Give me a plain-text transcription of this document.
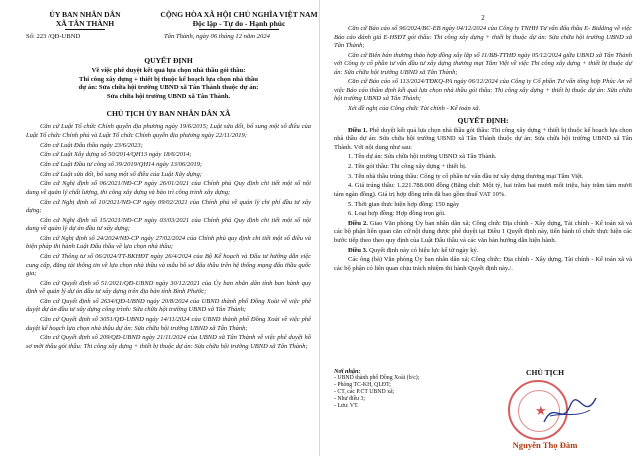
ỦY BAN NHÂN DÂN
XÃ TÂN THÀNH
CỘNG HÒA XÃ HỘI CHỦ NGHĨA VIỆT NAM
Độc lập - Tự do - Hạnh phúc
Số: 223 /QĐ-UBND	Tân Thành, ngày 06 tháng 12 năm 2024
QUYẾT ĐỊNH
Về việc phê duyệt kết quả lựa chọn nhà thầu gói thầu:
Thi công xây dựng + thiết bị thuộc kế hoạch lựa chọn nhà thầu
dự án: Sửa chữa hội trường UBND xã Tân Thành thuộc dự án:
Sửa chữa hội trường UBND xã Tân Thành.
CHỦ TỊCH ỦY BAN NHÂN DÂN XÃ

Căn cứ Luật Tổ chức Chính quyền địa phương ngày 19/6/2015; Luật sửa đổi, bổ sung một số điều của Luật Tổ chức Chính phủ và Luật Tổ chức Chính quyền địa phương ngày 22/11/2019;

Căn cứ Luật Đấu thầu ngày 23/6/2023;

Căn cứ Luật Xây dựng số 50/2014/QH13 ngày 18/6/2014;

Căn cứ Luật Đầu tư công số 39/2019/QH14 ngày 13/06/2019;

Căn cứ Luật sửa đổi, bổ sung một số điều của Luật Xây dựng;

Căn cứ Nghị định số 06/2021/NĐ-CP ngày 26/01/2021 của Chính phủ Quy định chi tiết một số nội dung về quản lý chất lượng, thi công xây dựng và bảo trì công trình xây dựng;

Căn cứ Nghị định số 10/2021/NĐ-CP ngày 09/02/2021 của Chính phủ về quản lý chi phí đầu tư xây dựng;

Căn cứ Nghị định số 15/2021/NĐ-CP ngày 03/03/2021 của Chính phủ Quy định chi tiết một số nội dung về quản lý dự án đầu tư xây dựng;

Căn cứ Nghị định số 24/2024/NĐ-CP ngày 27/02/2024 của Chính phủ quy định chi tiết một số điều và biện pháp thi hành Luật Đấu thầu về lựa chọn nhà thầu;

Căn cứ Thông tư số 06/2024/TT-BKHĐT ngày 26/4/2024 của Bộ Kế hoạch và Đầu tư hướng dẫn việc cung cấp, đăng tải thông tin về lựa chọn nhà thầu và mẫu hồ sơ đấu thầu trên hệ thống mạng đấu thầu quốc gia;

Căn cứ Quyết định số 51/2021/QĐ-UBND ngày 30/12/2021 của Ủy ban nhân dân tỉnh ban hành quy định về quản lý dự án đầu tư xây dựng trên địa bàn tỉnh Bình Phước;

Căn cứ Quyết định số 2634/QĐ-UBND ngày 20/8/2024 của UBND thành phố Đồng Xoài về việc phê duyệt dự án đầu tư xây dựng công trình: Sửa chữa hội trường UBND xã Tân Thành;

Căn cứ Quyết định số 3051/QĐ-UBND ngày 14/11/2024 của UBND thành phố Đồng Xoài về việc phê duyệt kế hoạch lựa chọn nhà thầu dự án: Sửa chữa hội trường UBND xã Tân Thành;

Căn cứ Quyết định số 209/QĐ-UBND ngày 21/11/2024 của UBND xã Tân Thành về việc phê duyệt hồ sơ mời thầu gói thầu: Thi công xây dựng + thiết bị thuộc dự án: Sửa chữa hội trường UBND xã Tân Thành;

2

Căn cứ Báo cáo số 96/2024/BC-EB ngày 04/12/2024 của Công ty TNHH Tư vấn đấu thầu E- Bidding về việc Báo cáo đánh giá E-HSĐT gói thầu: Thi công xây dựng + thiết bị thuộc dự án: Sửa chữa hội trường UBND xã Tân Thành;

Căn cứ Biên bản thương thảo hợp đồng xây lắp số 11/BB-TTHĐ ngày 05/12/2024 giữa UBND xã Tân Thành với Công ty cổ phần tư vấn đầu tư xây dựng thương mại Tâm Việt về việc Thi công xây dựng + thiết bị thuộc dự án: Sửa chữa hội trường UBND xã Tân Thành;

Căn cứ Báo cáo số 113/2024/TĐKQ-PA ngày 06/12/2024 của Công ty Cổ phần Tư vấn tổng hợp Phúc An về việc Báo cáo thẩm định kết quả lựa chọn nhà thầu gói thầu: Thi công xây dựng + thiết bị thuộc dự án: Sửa chữa hội trường UBND xã Tân Thành;

Xét đề nghị của Công chức Tài chính - Kế toán xã.

QUYẾT ĐỊNH:

Điều 1. Phê duyệt kết quả lựa chọn nhà thầu gói thầu: Thi công xây dựng + thiết bị thuộc kế hoạch lựa chọn nhà thầu dự án: Sửa chữa hội trường UBND xã Tân Thành thuộc dự án: Sửa chữa hội trường UBND xã Tân Thành. Với nội dung như sau:

1. Tên dự án: Sửa chữa hội trường UBND xã Tân Thành.

2. Tên gói thầu: Thi công xây dựng + thiết bị.

3. Tên nhà thầu trúng thầu: Công ty cổ phần tư vấn đầu tư xây dựng thương mại Tâm Việt.

4. Giá trúng thầu: 1.221.788.000 đồng (Bằng chữ: Một tỷ, hai trăm hai mươi mốt triệu, bảy trăm tám mươi tám ngàn đồng). Giá trị hợp đồng trên đã bao gồm thuế VAT 10%.

5. Thời gian thực hiện hợp đồng: 150 ngày

6. Loại hợp đồng: Hợp đồng trọn gói.

Điều 2. Giao Văn phòng Ủy ban nhân dân xã; Công chức Địa chính - Xây dựng, Tài chính - Kế toán xã và các bộ phận liên quan căn cứ nội dung được phê duyệt tại Điều 1 Quyết định này, tiến hành tổ chức thực hiện các bước tiếp theo theo quy định của Luật Đấu thầu và các văn bản hướng dẫn hiện hành.

Điều 3. Quyết định này có hiệu lực kể từ ngày ký.

Các ông (bà) Văn phòng Ủy ban nhân dân xã; Công chức: Địa chính - Xây dựng, Tài chính - Kế toán xã và các bộ phận có liên quan chịu trách nhiệm thi hành Quyết định này./.

Nơi nhận:
- UBND thành phố Đồng Xoài (b/c);
- Phòng TC-KH, QLĐT;
- CT, các P.CT UBND xã;
- Như điều 3;
- Lưu: VT.
CHỦ TỊCH
★
Nguyễn Thọ Đàm
